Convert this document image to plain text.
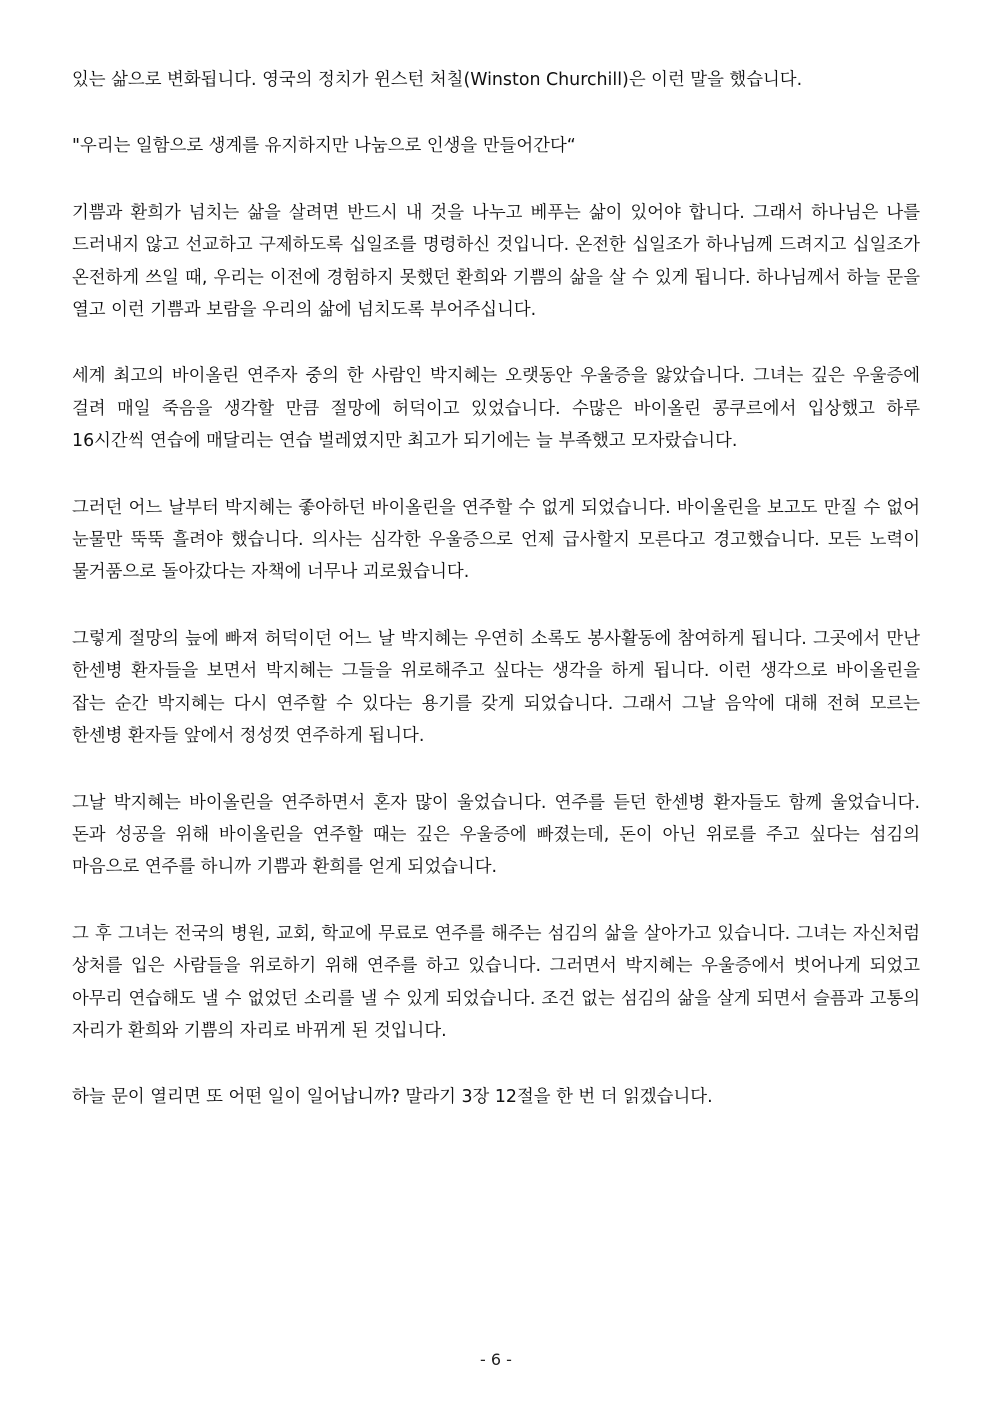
있는 삶으로 변화됩니다. 영국의 정치가 윈스턴 처칠(Winston Churchill)은 이런 말을 했습니다.

"우리는 일함으로 생계를 유지하지만 나눔으로 인생을 만들어간다“

기쁨과 환희가 넘치는 삶을 살려면 반드시 내 것을 나누고 베푸는 삶이 있어야 합니다. 그래서 하나님은 나를 드러내지 않고 선교하고 구제하도록 십일조를 명령하신 것입니다. 온전한 십일조가 하나님께 드려지고 십일조가 온전하게 쓰일 때, 우리는 이전에 경험하지 못했던 환희와 기쁨의 삶을 살 수 있게 됩니다. 하나님께서 하늘 문을 열고 이런 기쁨과 보람을 우리의 삶에 넘치도록 부어주십니다.

세계 최고의 바이올린 연주자 중의 한 사람인 박지혜는 오랫동안 우울증을 앓았습니다. 그녀는 깊은 우울증에 걸려 매일 죽음을 생각할 만큼 절망에 허덕이고 있었습니다. 수많은 바이올린 콩쿠르에서 입상했고 하루 16시간씩 연습에 매달리는 연습 벌레였지만 최고가 되기에는 늘 부족했고 모자랐습니다.

그러던 어느 날부터 박지혜는 좋아하던 바이올린을 연주할 수 없게 되었습니다. 바이올린을 보고도 만질 수 없어 눈물만 뚝뚝 흘려야 했습니다. 의사는 심각한 우울증으로 언제 급사할지 모른다고 경고했습니다. 모든 노력이 물거품으로 돌아갔다는 자책에 너무나 괴로웠습니다.

그렇게 절망의 늪에 빠져 허덕이던 어느 날 박지혜는 우연히 소록도 봉사활동에 참여하게 됩니다. 그곳에서 만난 한센병 환자들을 보면서 박지혜는 그들을 위로해주고 싶다는 생각을 하게 됩니다. 이런 생각으로 바이올린을 잡는 순간 박지혜는 다시 연주할 수 있다는 용기를 갖게 되었습니다. 그래서 그날 음악에 대해 전혀 모르는 한센병 환자들 앞에서 정성껏 연주하게 됩니다.

그날 박지혜는 바이올린을 연주하면서 혼자 많이 울었습니다. 연주를 듣던 한센병 환자들도 함께 울었습니다. 돈과 성공을 위해 바이올린을 연주할 때는 깊은 우울증에 빠졌는데, 돈이 아닌 위로를 주고 싶다는 섬김의 마음으로 연주를 하니까 기쁨과 환희를 얻게 되었습니다.

그 후 그녀는 전국의 병원, 교회, 학교에 무료로 연주를 해주는 섬김의 삶을 살아가고 있습니다. 그녀는 자신처럼 상처를 입은 사람들을 위로하기 위해 연주를 하고 있습니다. 그러면서 박지혜는 우울증에서 벗어나게 되었고 아무리 연습해도 낼 수 없었던 소리를 낼 수 있게 되었습니다. 조건 없는 섬김의 삶을 살게 되면서 슬픔과 고통의 자리가 환희와 기쁨의 자리로 바뀌게 된 것입니다.

하늘 문이 열리면 또 어떤 일이 일어납니까? 말라기 3장 12절을 한 번 더 읽겠습니다.

- 6 -
